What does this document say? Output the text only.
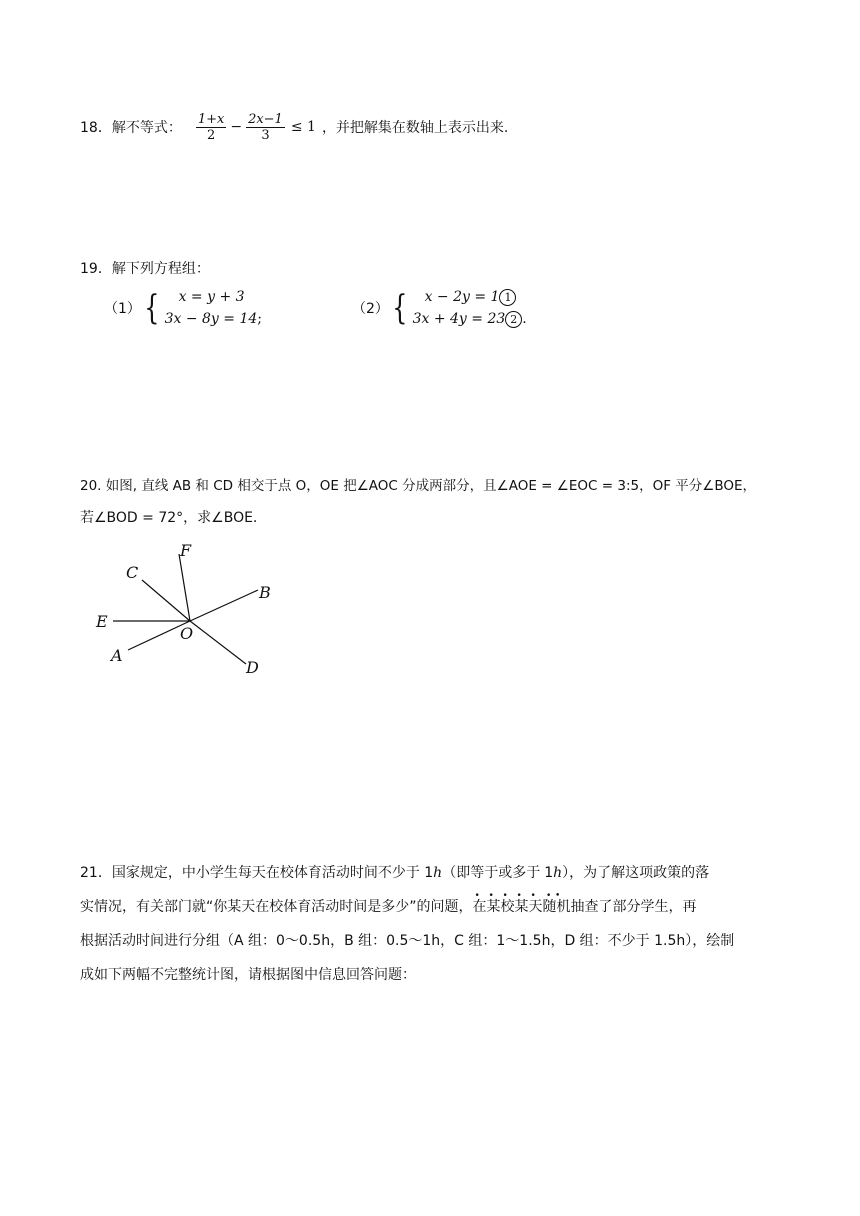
18．解不等式： $\frac{1+x}{2} - \frac{2x-1}{3} \le 1$ ，并把解集在数轴上表示出来.
19．解下列方程组：
（1） {	x = y + 3
3x − 8y = 14;
（2） {	x − 2y = 1 1
3x + 4y = 23 2 .
20. 如图, 直线 AB 和 CD 相交于点 O，OE 把∠AOC 分成两部分，且∠AOE = ∠EOC = 3:5，OF 平分∠BOE，
若∠BOD = 72°，求∠BOE.
F
C
B
E
O
A
D
21．国家规定，中小学生每天在校体育活动时间不少于 1h（即等于或多于 1 •h •），为了解这项政策的落
实情况，有关部门就“你某天在校体育活动时间是多少”的问题，在某校某天随机抽查了部分学生，再
根据活动时间进行分组（A 组：0～0.5h，B 组：0.5～1h，C 组：1～1.5h，D 组：不少于 1.5h），绘制
成如下两幅不完整统计图，请根据图中信息回答问题：
